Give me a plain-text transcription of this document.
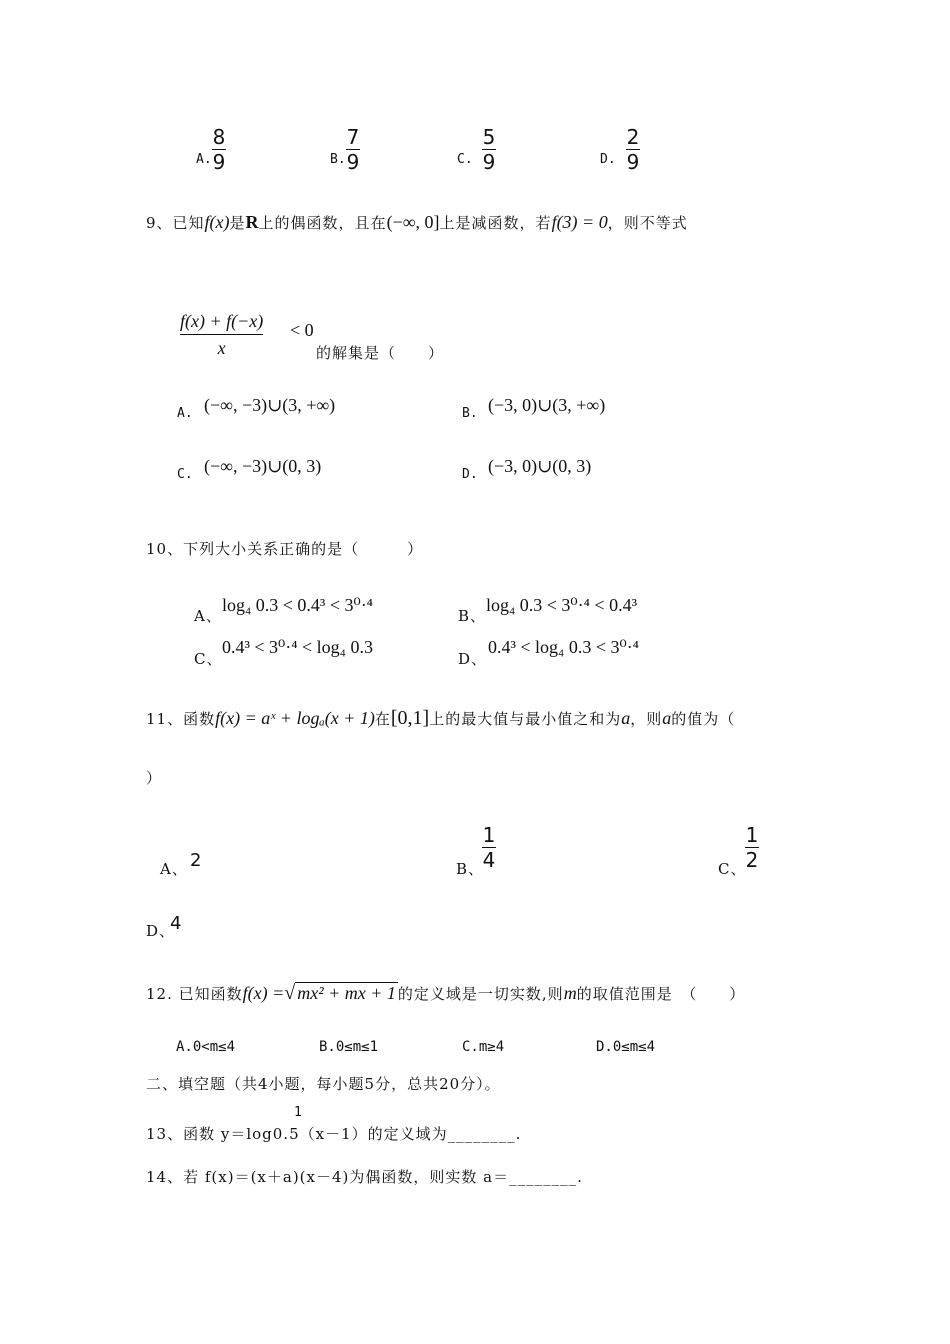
A.
8
9	B.
7
9	C.
5
9	D.
2
9
9、已知f(x)是R上的偶函数，且在(−∞, 0]上是减函数，若f(3) = 0，则不等式
f(x) + f(−x)
x
< 0
的解集是（　　）
A. (−∞, −3)∪(3, +∞)	B. (−3, 0)∪(3, +∞)
C. (−∞, −3)∪(0, 3)	D. (−3, 0)∪(0, 3)
10、下列大小关系正确的是（　　　）
A、
log₄ 0.3 < 0.4³ < 3⁰·⁴
B、
log₄ 0.3 < 3⁰·⁴ < 0.4³
C、
0.4³ < 3⁰·⁴ < log₄ 0.3
D、
0.4³ < log₄ 0.3 < 3⁰·⁴
11、函数f(x) = aˣ + logₐ(x + 1)在[0,1]上的最大值与最小值之和为a，则a的值为（
）
A、 2	B、
1
4	C、
1
2
D、
4
12. 已知函数f(x) =√ mx² + mx + 1 的定义域是一切实数,则m的取值范围是　（　　）
A.0<m≤4	B.0≤m≤1	C.m≥4	D.0≤m≤4
二、填空题（共4小题，每小题5分，总共20分）。
1
13、函数 y＝log0.5（x－1）的定义域为________.
14、若 f(x)＝(x＋a)(x－4)为偶函数，则实数 a＝________.
